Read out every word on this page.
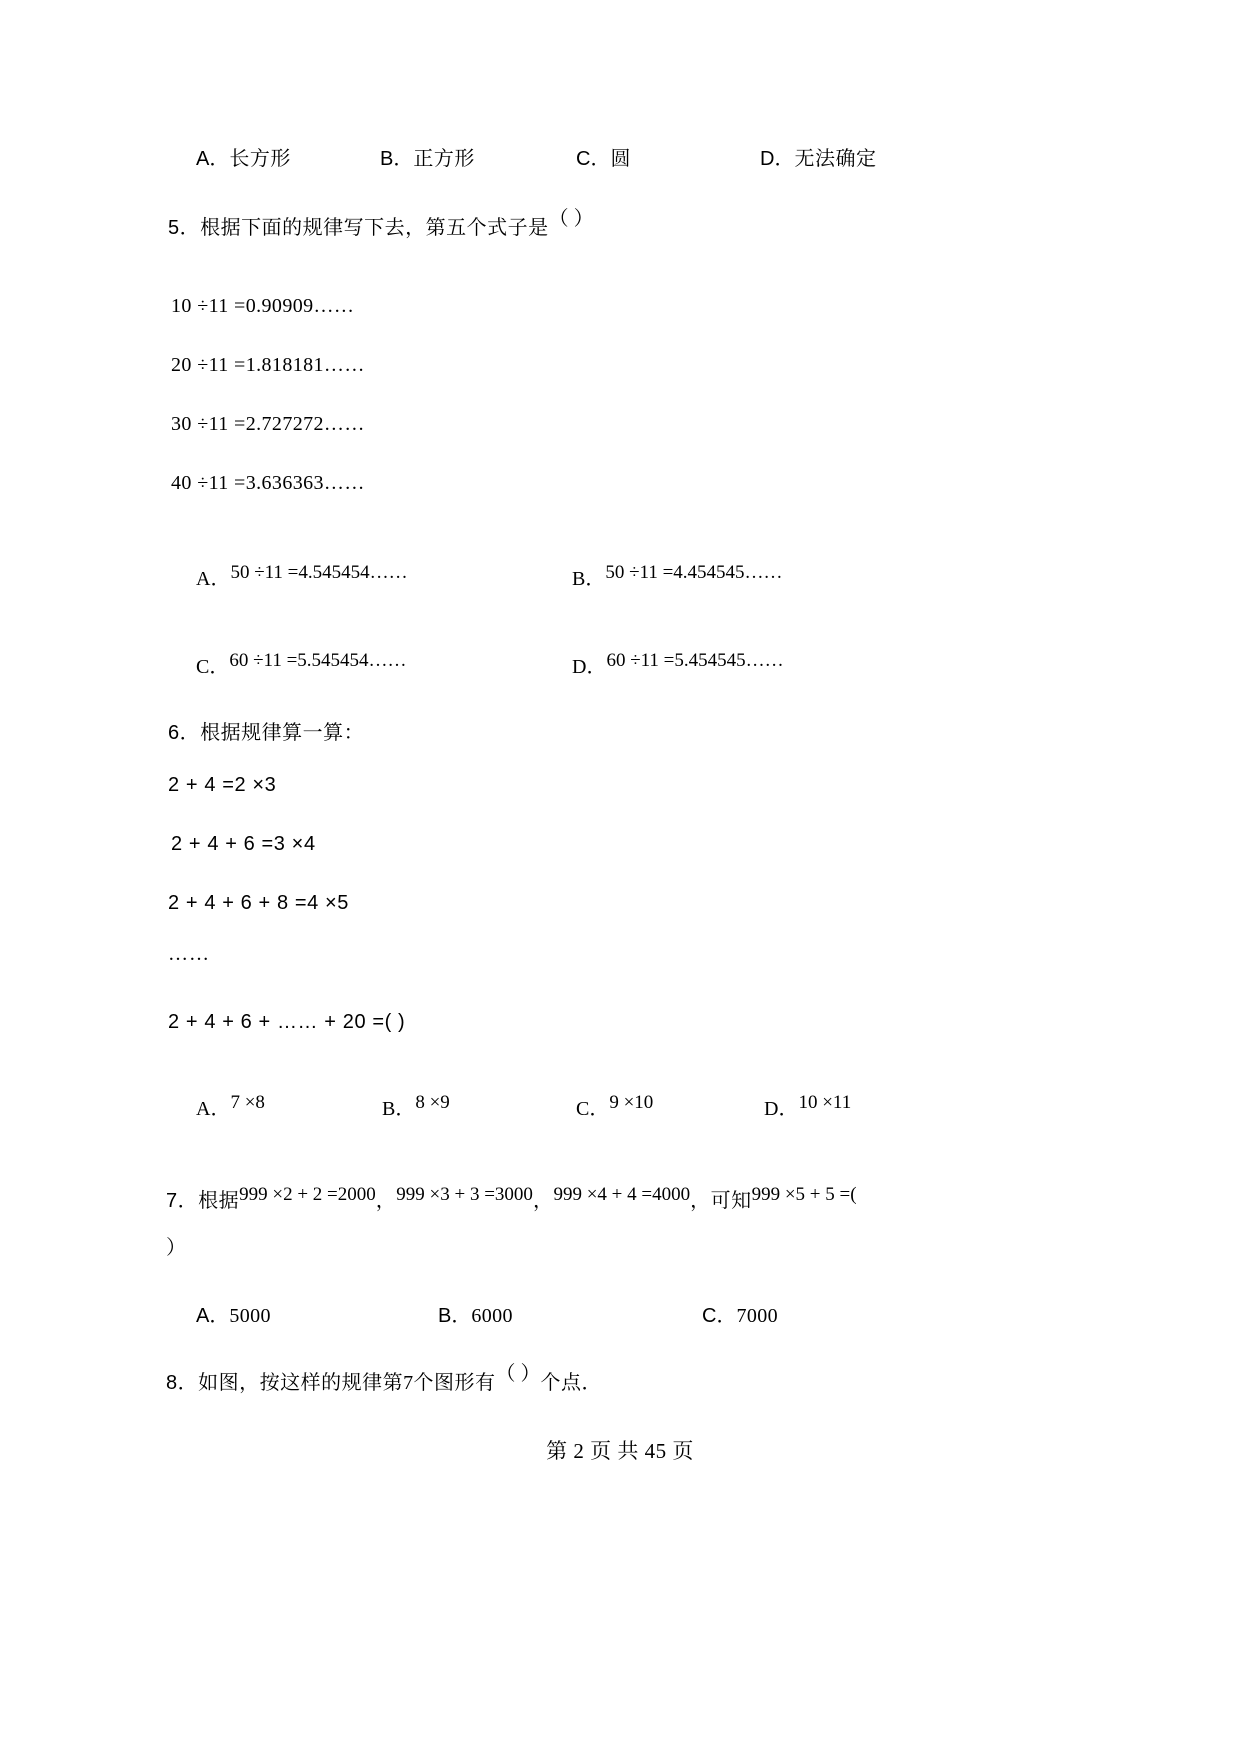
A． 长方形	B． 正方形	C． 圆	D． 无法确定
5． 根据下面的规律写下去，第五个式子是 （ ）
10 ÷11 =0.90909……
20 ÷11 =1.818181……
30 ÷11 =2.727272……
40 ÷11 =3.636363……
A． 50 ÷11 =4.545454……	B． 50 ÷11 =4.454545……
C． 60 ÷11 =5.545454……	D． 60 ÷11 =5.454545……
6． 根据规律算一算：
2 + 4 =2 ×3
2 + 4 + 6 =3 ×4
2 + 4 + 6 + 8 =4 ×5
……
2 + 4 + 6 + …… + 20 =( )
A． 7 ×8	B． 8 ×9	C． 9 ×10	D． 10 ×11
7． 根据 999 ×2 + 2 =2000 ， 999 ×3 + 3 =3000 ， 999 ×4 + 4 =4000 ， 可知 999 ×5 + 5 =(
）
A． 5000	B． 6000	C． 7000
8． 如图，按这样的规律第 7 个图形有 （ ） 个点．
第 2 页 共 45 页
